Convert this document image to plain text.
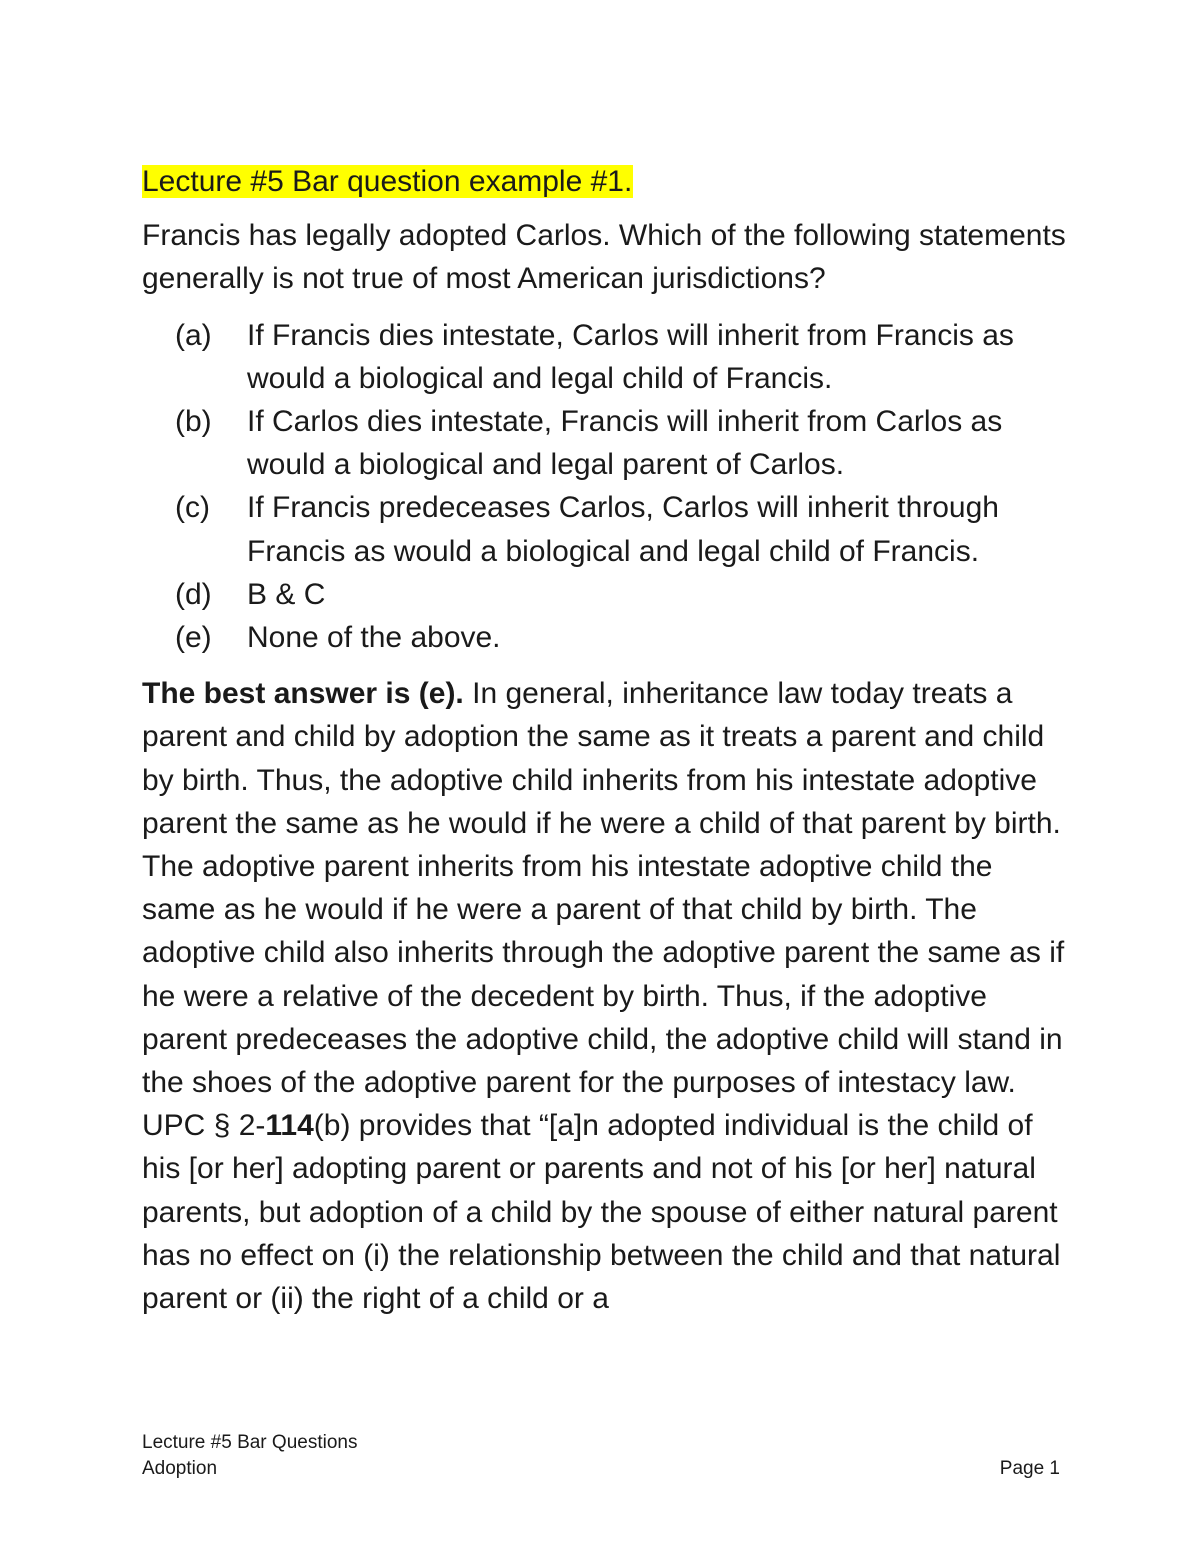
Lecture #5 Bar question example #1.

Francis has legally adopted Carlos. Which of the following statements generally is not true of most American jurisdictions?

(a)	If Francis dies intestate, Carlos will inherit from Francis as would a biological and legal child of Francis.
(b)	If Carlos dies intestate, Francis will inherit from Carlos as would a biological and legal parent of Carlos.
(c)	If Francis predeceases Carlos, Carlos will inherit through Francis as would a biological and legal child of Francis.
(d)	B & C
(e)	None of the above.

The best answer is (e). In general, inheritance law today treats a parent and child by adoption the same as it treats a parent and child by birth. Thus, the adoptive child inherits from his intestate adoptive parent the same as he would if he were a child of that parent by birth. The adoptive parent inherits from his intestate adoptive child the same as he would if he were a parent of that child by birth. The adoptive child also inherits through the adoptive parent the same as if he were a relative of the decedent by birth. Thus, if the adoptive parent predeceases the adoptive child, the adoptive child will stand in the shoes of the adoptive parent for the purposes of intestacy law. UPC § 2-114(b) provides that “[a]n adopted individual is the child of his [or her] adopting parent or parents and not of his [or her] natural parents, but adoption of a child by the spouse of either natural parent has no effect on (i) the relationship between the child and that natural parent or (ii) the right of a child or a

Lecture #5 Bar Questions
Adoption	Page 1
